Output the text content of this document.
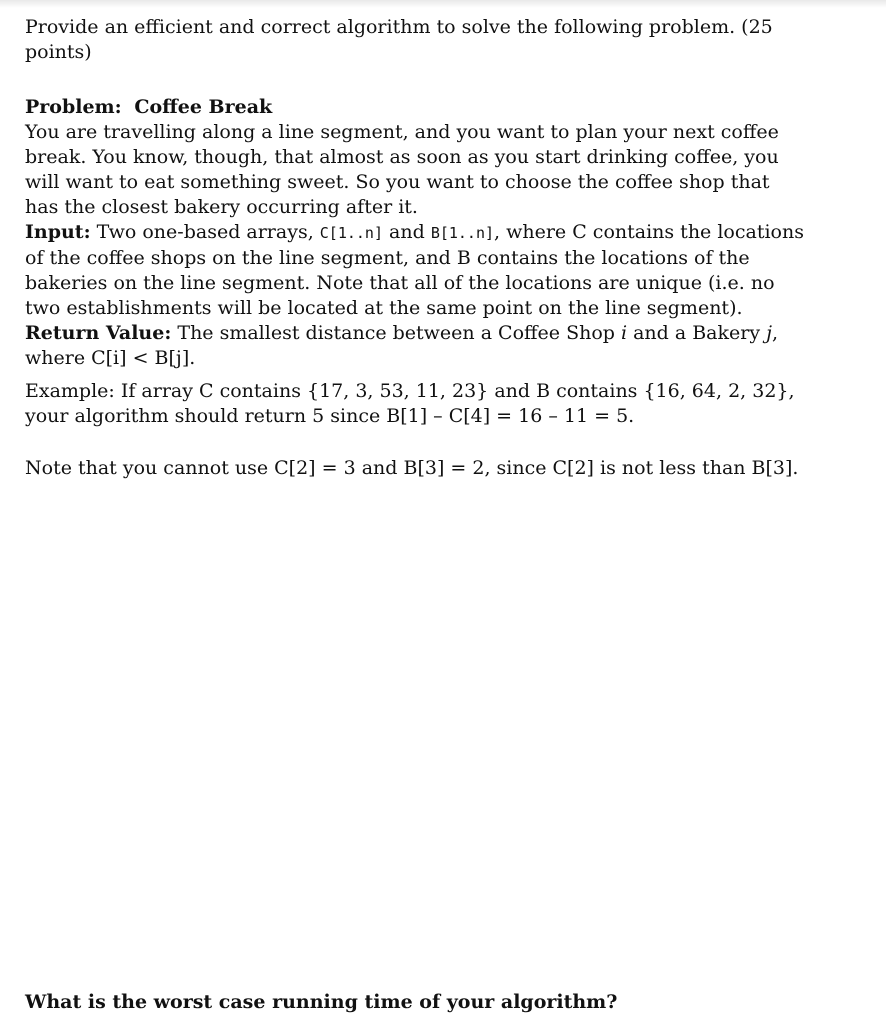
Provide an efficient and correct algorithm to solve the following problem. (25 points)

Problem: Coffee Break
You are travelling along a line segment, and you want to plan your next coffee break. You know, though, that almost as soon as you start drinking coffee, you will want to eat something sweet. So you want to choose the coffee shop that has the closest bakery occurring after it.

Input: Two one-based arrays, C[1..n] and B[1..n], where C contains the locations of the coffee shops on the line segment, and B contains the locations of the bakeries on the line segment. Note that all of the locations are unique (i.e. no two establishments will be located at the same point on the line segment).

Return Value: The smallest distance between a Coffee Shop i and a Bakery j, where C[i] < B[j].

Example: If array C contains {17, 3, 53, 11, 23} and B contains {16, 64, 2, 32}, your algorithm should return 5 since B[1] – C[4] = 16 – 11 = 5.

Note that you cannot use C[2] = 3 and B[3] = 2, since C[2] is not less than B[3].

What is the worst case running time of your algorithm?
